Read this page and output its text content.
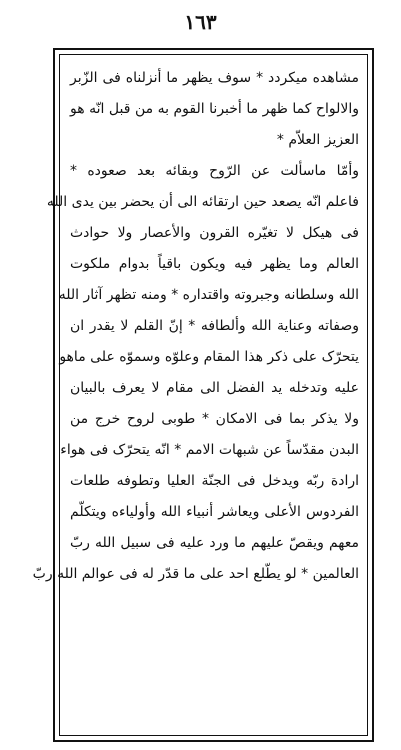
١٦٣
مشاهده میکردد * سوف یظهر ما أنزلناه فی الزّبر
والالواح کما ظهر ما أخبرنا القوم به من قبل انّه هو
العزیز العلاّم *
وأمّا ماسألت عن الرّوح وبقائه بعد صعوده *
فاعلم انّه یصعد حین ارتقائه الی أن یحضر بین یدی الله
فی هیکل لا تغیّره القرون والأعصار ولا حوادث
العالم وما یظهر فیه ویکون باقیاً بدوام ملکوت
الله وسلطانه وجبروته واقتداره * ومنه تظهر آثار الله
وصفاته وعنایة الله وألطافه * إنّ القلم لا یقدر ان
یتحرّک علی ذکر هذا المقام وعلوّه وسموّه علی ماهو
علیه وتدخله ید الفضل الی مقام لا یعرف بالبیان
ولا یذکر بما فی الامکان * طوبی لروح خرج من
البدن مقدّساً عن شبهات الامم * انّه یتحرّک فی هواء
ارادة ربّه ویدخل فی الجنّة العلیا وتطوفه طلعات
الفردوس الأعلی ویعاشر أنبیاء الله وأولیاءه ویتکلّم
معهم ویقصّ علیهم ما ورد علیه فی سبیل الله ربّ
العالمین * لو یطّلع احد علی ما قدّر له فی عوالم الله ربّ
